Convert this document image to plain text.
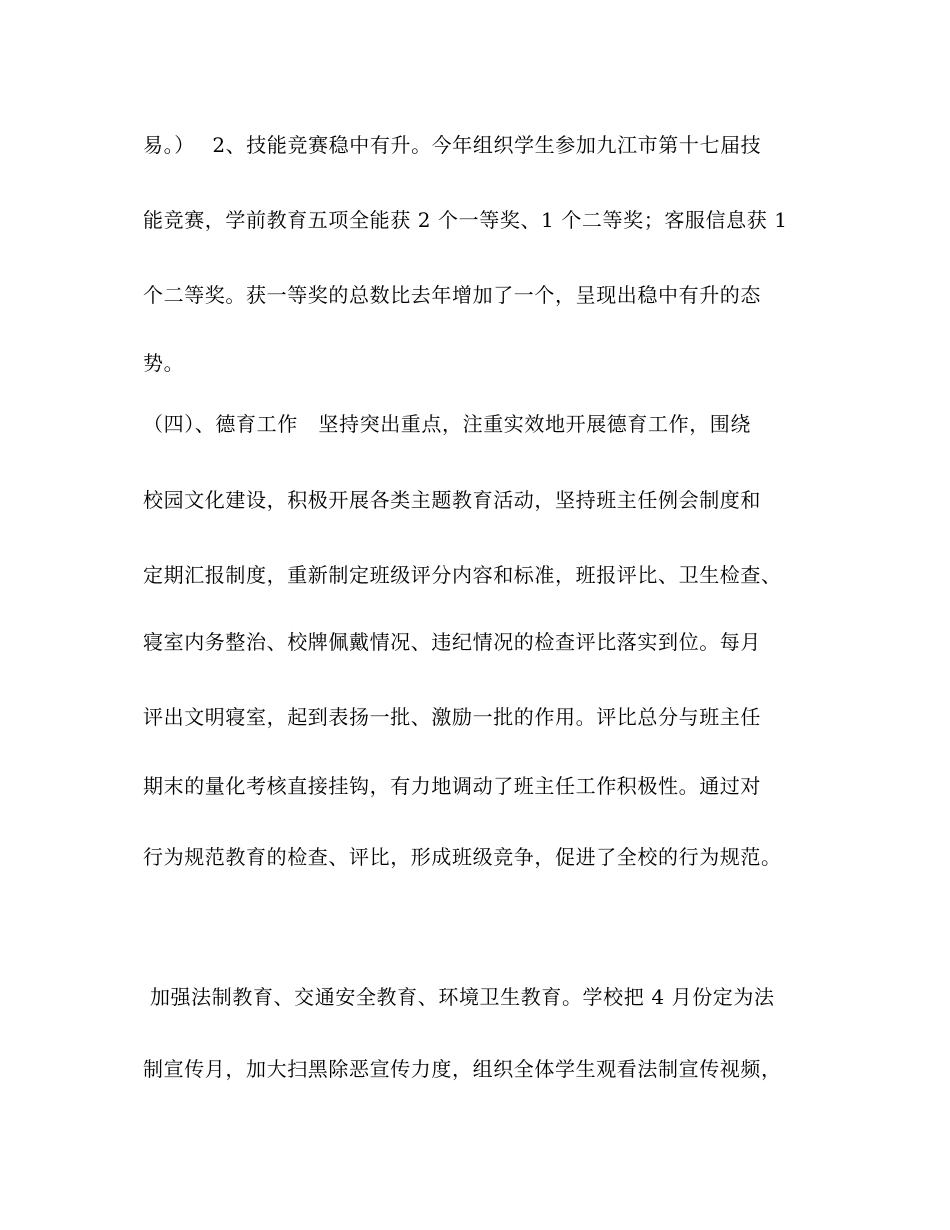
易。）　 2、技能竞赛稳中有升。今年组织学生参加九江市第十七届技
能竞赛，学前教育五项全能获 2 个一等奖、1 个二等奖；客服信息获 1
个二等奖。获一等奖的总数比去年增加了一个，呈现出稳中有升的态
势。
（四）、德育工作　坚持突出重点，注重实效地开展德育工作，围绕
校园文化建设，积极开展各类主题教育活动，坚持班主任例会制度和
定期汇报制度，重新制定班级评分内容和标准，班报评比、卫生检查、
寝室内务整治、校牌佩戴情况、违纪情况的检查评比落实到位。每月
评出文明寝室，起到表扬一批、激励一批的作用。评比总分与班主任
期末的量化考核直接挂钩，有力地调动了班主任工作积极性。通过对
行为规范教育的检查、评比，形成班级竞争，促进了全校的行为规范。
加强法制教育、交通安全教育、环境卫生教育。学校把 4 月份定为法
制宣传月，加大扫黑除恶宣传力度，组织全体学生观看法制宣传视频，
